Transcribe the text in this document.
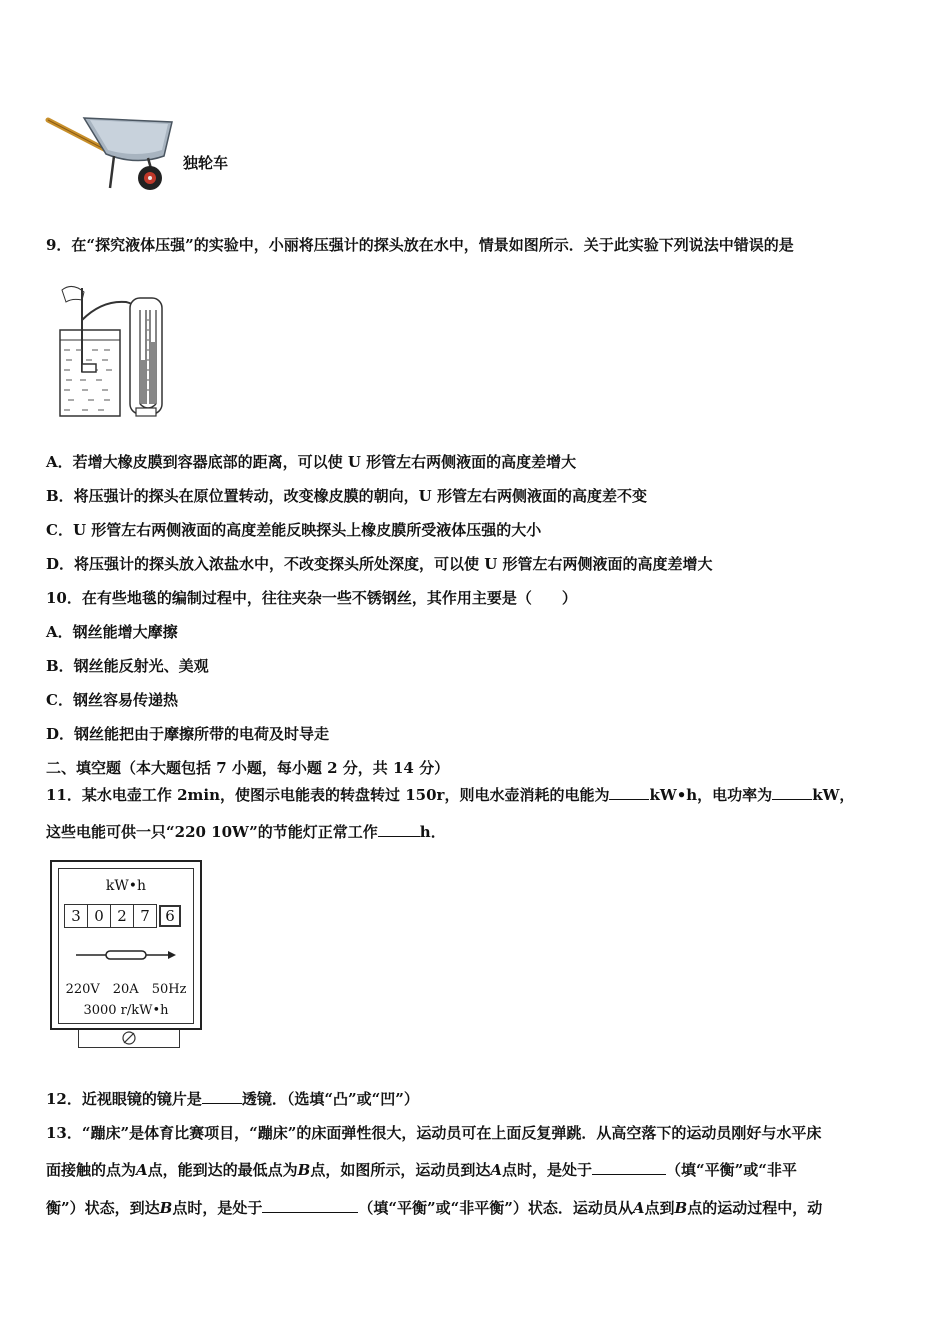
独轮车
9．在“探究液体压强”的实验中，小丽将压强计的探头放在水中，情景如图所示．关于此实验下列说法中错误的是
A．若增大橡皮膜到容器底部的距离，可以使 U 形管左右两侧液面的高度差增大
B．将压强计的探头在原位置转动，改变橡皮膜的朝向，U 形管左右两侧液面的高度差不变
C．U 形管左右两侧液面的高度差能反映探头上橡皮膜所受液体压强的大小
D．将压强计的探头放入浓盐水中，不改变探头所处深度，可以使 U 形管左右两侧液面的高度差增大
10．在有些地毯的编制过程中，往往夹杂一些不锈钢丝，其作用主要是（　　）
A．钢丝能增大摩擦
B．钢丝能反射光、美观
C．钢丝容易传递热
D．钢丝能把由于摩擦所带的电荷及时导走
二、填空题（本大题包括 7 小题，每小题 2 分，共 14 分）
11．某水电壶工作 2min，使图示电能表的转盘转过 150r，则电水壶消耗的电能为	kW•h，电功率为	kW，
这些电能可供一只“220 10W”的节能灯正常工作	h．
kW•h
3 0 2 7	6
220V　20A　50Hz
3000 r/kW•h
12．近视眼镜的镜片是	透镜．（选填“凸”或“凹”）
13．“蹦床”是体育比赛项目，“蹦床”的床面弹性很大，运动员可在上面反复弹跳．从高空落下的运动员刚好与水平床
面接触的点为A点，能到达的最低点为B点，如图所示，运动员到达A点时，是处于	（填“平衡”或“非平
衡”）状态，到达B点时，是处于	（填“平衡”或“非平衡”）状态．运动员从A点到B点的运动过程中，动
